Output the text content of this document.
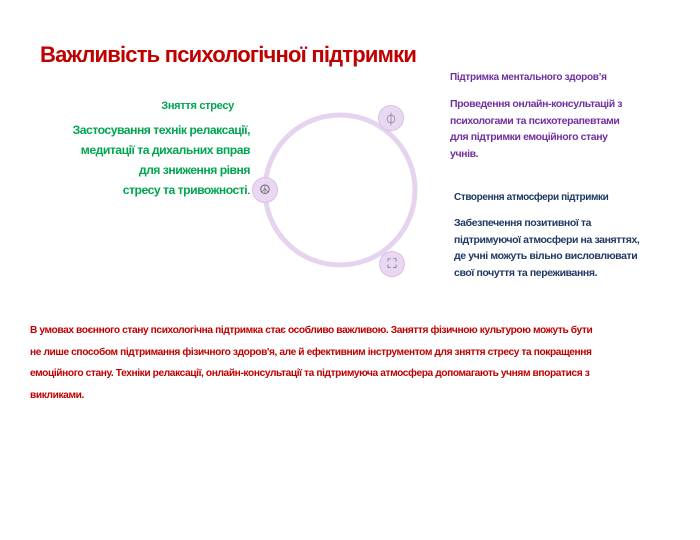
Важливість психологічної підтримки
Зняття стресу
Застосування технік релаксації,
медитації та дихальних вправ
для зниження рівня
стресу та тривожності.
⏀
☮
⛶
Підтримка ментального здоров’я
Проведення онлайн-консультацій з
психологами та психотерапевтами
для підтримки емоційного стану
учнів.
Створення атмосфери підтримки
Забезпечення позитивної та
підтримуючої атмосфери на заняттях,
де учні можуть вільно висловлювати
свої почуття та переживання.
В умовах воєнного стану психологічна підтримка стає особливо важливою. Заняття фізичною культурою можуть бути
не лише способом підтримання фізичного здоров'я, але й ефективним інструментом для зняття стресу та покращення
емоційного стану. Техніки релаксації, онлайн-консультації та підтримуюча атмосфера допомагають учням впоратися з
викликами.
